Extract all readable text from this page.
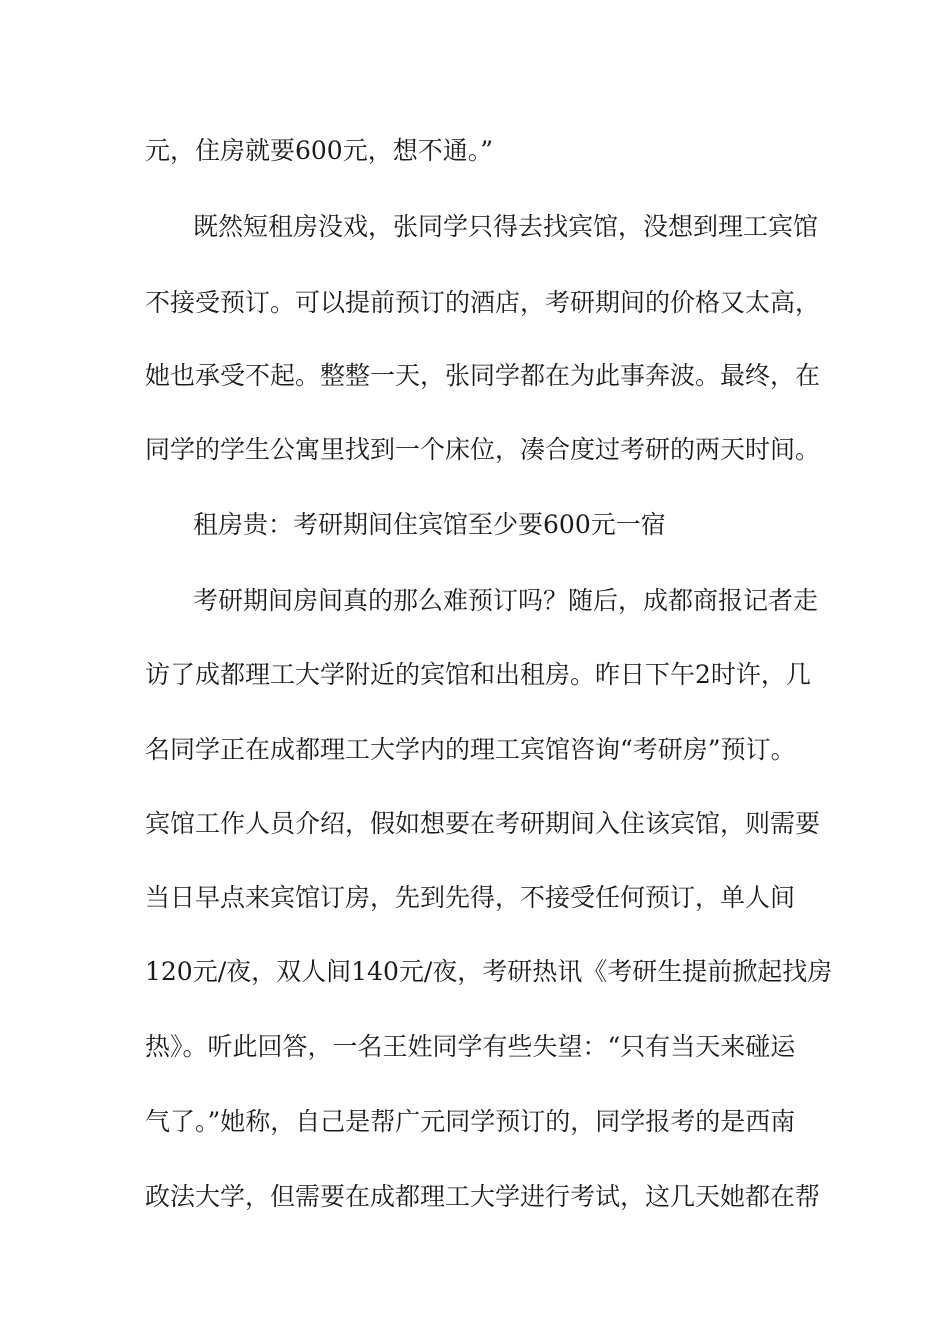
元，住房就要600元，想不通。”
既然短租房没戏，张同学只得去找宾馆，没想到理工宾馆
不接受预订。可以提前预订的酒店，考研期间的价格又太高，
她也承受不起。整整一天，张同学都在为此事奔波。最终，在
同学的学生公寓里找到一个床位，凑合度过考研的两天时间。
租房贵：考研期间住宾馆至少要600元一宿
考研期间房间真的那么难预订吗？随后，成都商报记者走
访了成都理工大学附近的宾馆和出租房。昨日下午2时许，几
名同学正在成都理工大学内的理工宾馆咨询“考研房”预订。
宾馆工作人员介绍，假如想要在考研期间入住该宾馆，则需要
当日早点来宾馆订房，先到先得，不接受任何预订，单人间
120元/夜，双人间140元/夜，考研热讯《考研生提前掀起找房
热》。听此回答，一名王姓同学有些失望：“只有当天来碰运
气了。”她称，自己是帮广元同学预订的，同学报考的是西南
政法大学，但需要在成都理工大学进行考试，这几天她都在帮
